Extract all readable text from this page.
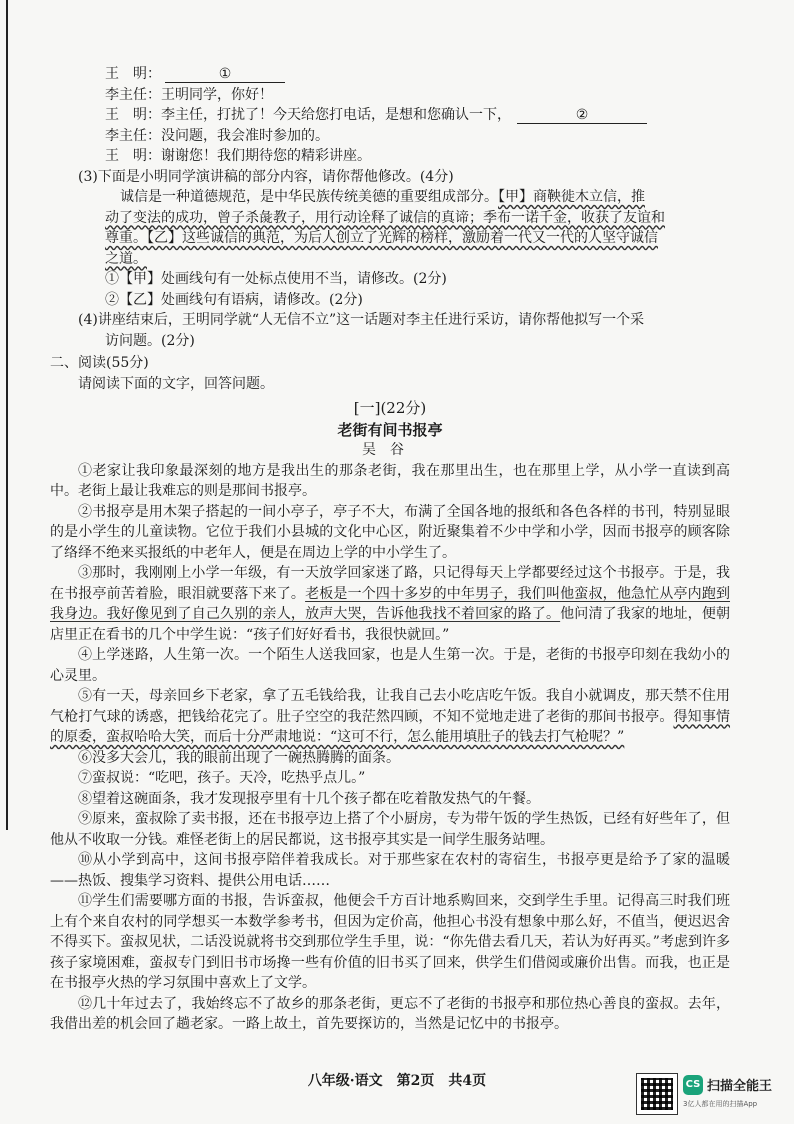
王　明：	①
李主任：王明同学，你好！
王　明：李主任，打扰了！今天给您打电话，是想和您确认一下，	②
李主任：没问题，我会准时参加的。
王　明：谢谢您！我们期待您的精彩讲座。
(3)下面是小明同学演讲稿的部分内容，请你帮他修改。(4分)
诚信是一种道德规范，是中华民族传统美德的重要组成部分。【甲】商鞅徙木立信，推
动了变法的成功，曾子杀彘教子，用行动诠释了诚信的真谛；季布一诺千金，收获了友谊和
尊重。【乙】这些诚信的典范，为后人创立了光辉的榜样，激励着一代又一代的人坚守诚信
之道。
①【甲】处画线句有一处标点使用不当，请修改。(2分)
②【乙】处画线句有语病，请修改。(2分)
(4)讲座结束后，王明同学就“人无信不立”这一话题对李主任进行采访，请你帮他拟写一个采
访问题。(2分)
二、阅读(55分)
请阅读下面的文字，回答问题。
[一](22分)
老街有间书报亭
吴谷
①老家让我印象最深刻的地方是我出生的那条老街，我在那里出生，也在那里上学，从小学一直读到高中。老街上最让我难忘的则是那间书报亭。
②书报亭是用木架子搭起的一间小亭子，亭子不大，布满了全国各地的报纸和各色各样的书刊，特别显眼的是小学生的儿童读物。它位于我们小县城的文化中心区，附近聚集着不少中学和小学，因而书报亭的顾客除了络绎不绝来买报纸的中老年人，便是在周边上学的中小学生了。
③那时，我刚刚上小学一年级，有一天放学回家迷了路，只记得每天上学都要经过这个书报亭。于是，我在书报亭前苦着脸，眼泪就要落下来了。老板是一个四十多岁的中年男子，我们叫他蛮叔，他急忙从亭内跑到我身边。我好像见到了自己久别的亲人，放声大哭，告诉他我找不着回家的路了。他问清了我家的地址，便朝店里正在看书的几个中学生说：“孩子们好好看书，我很快就回。”
④上学迷路，人生第一次。一个陌生人送我回家，也是人生第一次。于是，老街的书报亭印刻在我幼小的心灵里。
⑤有一天，母亲回乡下老家，拿了五毛钱给我，让我自己去小吃店吃午饭。我自小就调皮，那天禁不住用气枪打气球的诱惑，把钱给花完了。肚子空空的我茫然四顾，不知不觉地走进了老街的那间书报亭。得知事情的原委，蛮叔哈哈大笑，而后十分严肃地说：“这可不行，怎么能用填肚子的钱去打气枪呢？”
⑥没多大会儿，我的眼前出现了一碗热腾腾的面条。
⑦蛮叔说：“吃吧，孩子。天冷，吃热乎点儿。”
⑧望着这碗面条，我才发现报亭里有十几个孩子都在吃着散发热气的午餐。
⑨原来，蛮叔除了卖书报，还在书报亭边上搭了个小厨房，专为带午饭的学生热饭，已经有好些年了，但他从不收取一分钱。难怪老街上的居民都说，这书报亭其实是一间学生服务站哩。
⑩从小学到高中，这间书报亭陪伴着我成长。对于那些家在农村的寄宿生，书报亭更是给予了家的温暖——热饭、搜集学习资料、提供公用电话……
⑪学生们需要哪方面的书报，告诉蛮叔，他便会千方百计地系购回来，交到学生手里。记得高三时我们班上有个来自农村的同学想买一本数学参考书，但因为定价高，他担心书没有想象中那么好，不值当，便迟迟舍不得买下。蛮叔见状，二话没说就将书交到那位学生手里，说：“你先借去看几天，若认为好再买。”考虑到许多孩子家境困难，蛮叔专门到旧书市场搀一些有价值的旧书买了回来，供学生们借阅或廉价出售。而我，也正是在书报亭火热的学习氛围中喜欢上了文学。
⑫几十年过去了，我始终忘不了故乡的那条老街，更忘不了老街的书报亭和那位热心善良的蛮叔。去年，我借出差的机会回了趟老家。一路上故土，首先要探访的，当然是记忆中的书报亭。
八年级·语文　第2页　共4页	CS 扫描全能王
3亿人都在用的扫描App
